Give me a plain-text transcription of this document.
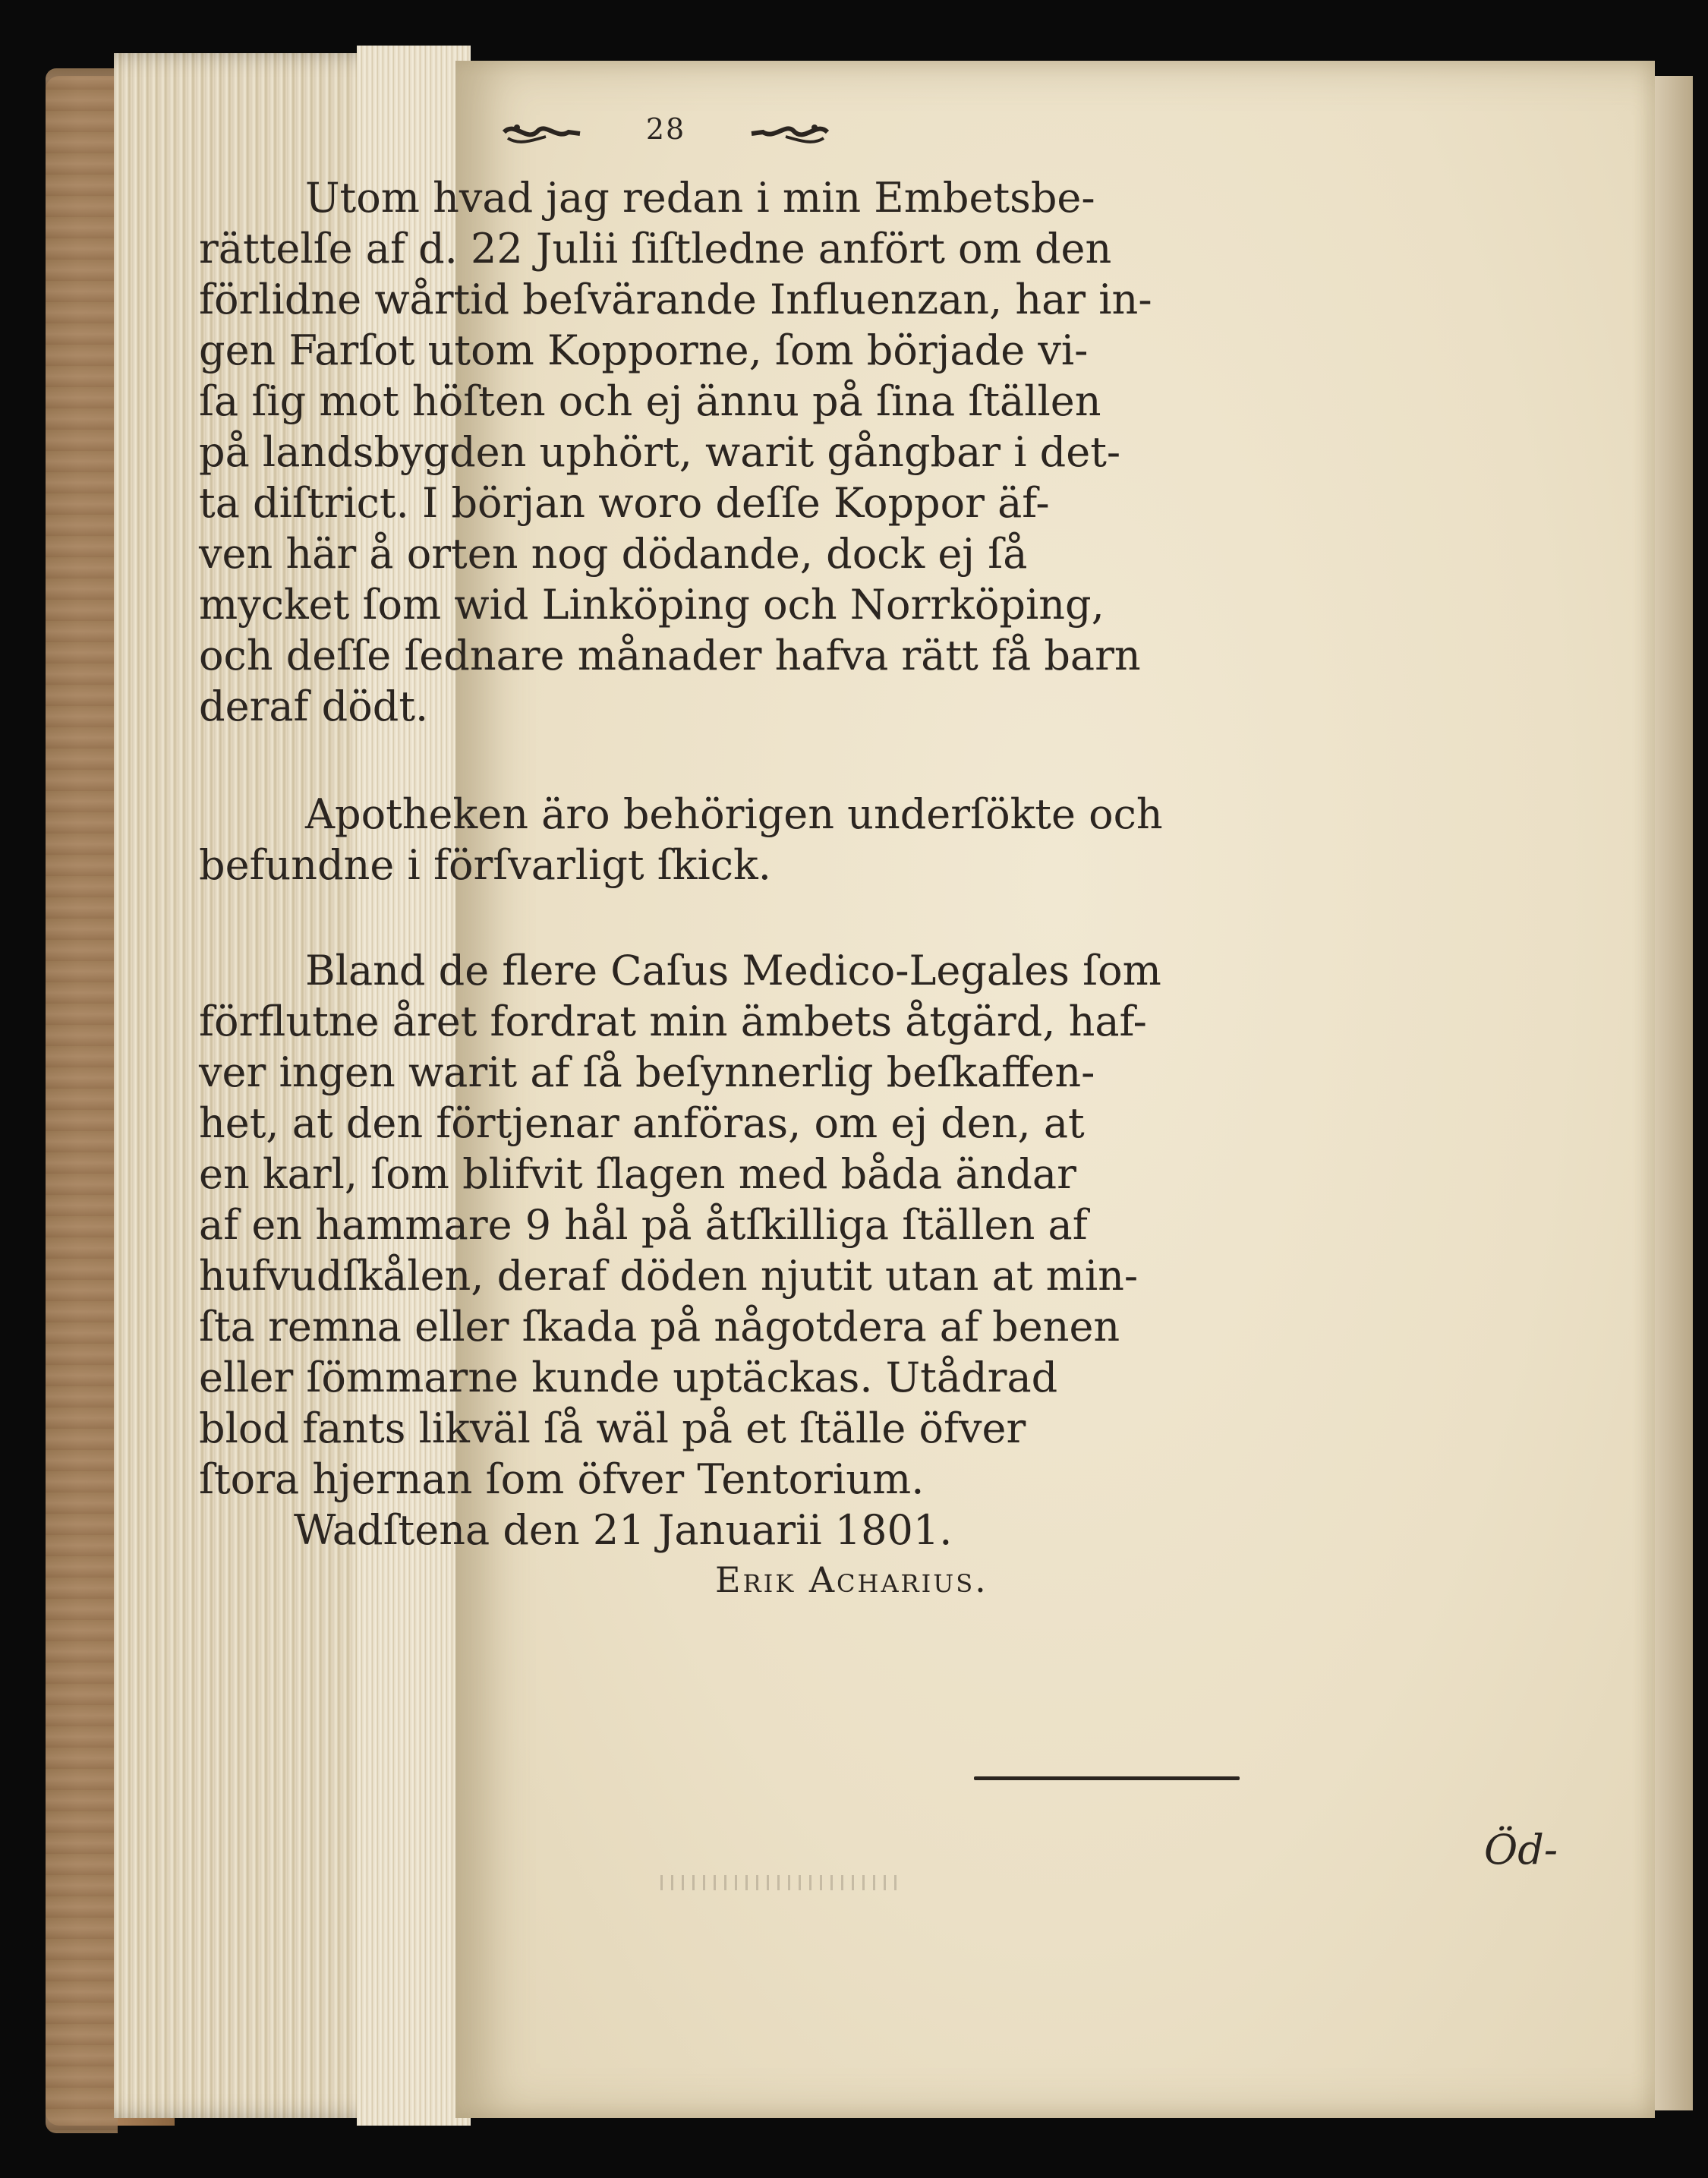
28

Utom hvad jag redan i min Embetsbe-
rättelſe af d. 22 Julii ſiſtledne anfört om den
förlidne wårtid beſvärande Influenzan, har in-
gen Farſot utom Kopporne, ſom började vi-
ſa ſig mot höſten och ej ännu på ſina ſtällen
på landsbygden uphört, warit gångbar i det-
ta diſtrict. I början woro deſſe Koppor äf-
ven här å orten nog dödande, dock ej ſå
mycket ſom wid Linköping och Norrköping,
och deſſe ſednare månader hafva rätt få barn
deraf dödt.

Apotheken äro behörigen underſökte och
befundne i förſvarligt ſkick.

Bland de flere Caſus Medico-Legales ſom
förflutne året fordrat min ämbets åtgärd, haf-
ver ingen warit af ſå beſynnerlig beſkaffen-
het, at den förtjenar anföras, om ej den, at
en karl, ſom blifvit ſlagen med båda ändar
af en hammare 9 hål på åtſkilliga ſtällen af
hufvudſkålen, deraf döden njutit utan at min-
ſta remna eller ſkada på någotdera af benen
eller ſömmarne kunde uptäckas. Utådrad
blod fants likväl ſå wäl på et ſtälle öfver
ſtora hjernan ſom öfver Tentorium.

Wadſtena den 21 Januarii 1801.
Erik Acharius.
Öd-
